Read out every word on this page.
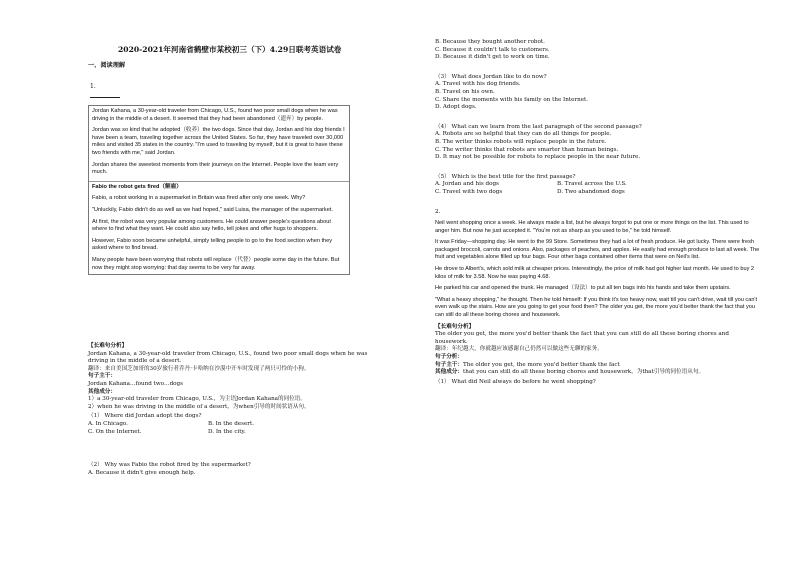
2020-2021年河南省鹤壁市某校初三（下）4.29日联考英语试卷
一、阅读理解
1.

Jordan Kahana, a 30-year-old traveler from Chicago, U.S., found two poor small dogs when he was driving in the middle of a desert. It seemed that they had been abandoned（遗弃）by people.

Jordan was so kind that he adopted（收养）the two dogs. Since that day, Jordan and his dog friends I have been a team, traveling together across the United States. So far, they have traveled over 30,000 miles and visited 35 states in the country. "I'm used to traveling by myself, but it is great to have these two friends with me," said Jordan.

Jordan shares the sweetest moments from their journeys on the Internet. People love the team very much.

Fabio the robot gets fired（解雇）

Fabio, a robot working in a supermarket in Britain was fired after only one week. Why?

"Unluckily, Fabio didn't do as well as we had hoped," said Luisa, the manager of the supermarket.

At first, the robot was very popular among customers. He could answer people's questions about where to find what they want. He could also say hello, tell jokes and offer hugs to shoppers.

However, Fabio soon became unhelpful, simply telling people to go to the food section when they asked where to find bread.

Many people have been worrying that robots will replace（代替）people some day in the future. But now they might stop worrying: that day seems to be very far away.

【长难句分析】

Jordan Kahana, a 30-year-old traveler from Chicago, U.S., found two poor small dogs when he was driving in the middle of a desert.

翻译：来自美国芝加哥的30岁旅行者乔丹·卡哈纳在沙漠中开车时发现了两只可怜的小狗。

句子主干：

Jordan Kahana…found two…dogs

其他成分：

1）a 30-year-old traveler from Chicago, U.S.，为主语Jordan Kahana的同位语。

2）when he was driving in the middle of a desert，为when引导的时间状语从句。

（1） Where did Jordan adopt the dogs?

A. In Chicago.	B. In the desert.
C. On the Internet.	D. In the city.

（2） Why was Fabio the robot fired by the supermarket?

A. Because it didn't give enough help.

B. Because they bought another robot.

C. Because it couldn't talk to customers.

D. Because it didn't get to work on time.

（3） What does Jordan like to do now?

A. Travel with his dog friends.

B. Travel on his own.

C. Share the moments with his family on the Internet.

D. Adopt dogs.

（4） What can we learn from the last paragraph of the second passage?

A. Robots are so helpful that they can do all things for people.

B. The writer thinks robots will replace people in the future.

C. The writer thinks that robots are smarter than human beings.

D. It may not be possible for robots to replace people in the near future.

（5） Which is the best title for the first passage?

A. Jordan and his dogs	B. Travel across the U.S.
C. Travel with two dogs	D. Two abandoned dogs

2.

Neil went shopping once a week. He always made a list, but he always forgot to put one or more things on the list. This used to anger him. But now he just accepted it. "You're not as sharp as you used to be," he told himself.

It was Friday—shopping day. He went to the 99 Store. Sometimes they had a lot of fresh produce. He got lucky. There were fresh packaged broccoli, carrots and onions. Also, packages of peaches, and apples. He easily had enough produce to last all week. The fruit and vegetables alone filled up four bags. Four other bags contained other items that were on Neil's list.

He drove to Albert's, which sold milk at cheaper prices. Interestingly, the price of milk had got higher last month. He used to buy 2 kilos of milk for 3.58. Now he was paying 4.68.

He parked his car and opened the trunk. He managed（设法）to put all ten bags into his hands and take them upstairs.

"What a heavy shopping," he thought. Then he told himself: If you think it's too heavy now, wait till you can't drive, wait till you can't even walk up the stairs. How are you going to get your food then? The older you get, the more you'd better thank the fact that you can still do all these boring chores and housework.

【长难句分析】

The older you get, the more you'd better thank the fact that you can still do all these boring chores and housework.

翻译：年纪越大，你就越应该感谢自己仍然可以做这些无聊的家务。

句子分析：

句子主干：The older you get, the more you'd better thank the fact

其他成分：that you can still do all these boring chores and housework，为that引导的同位语从句。

（1） What did Neil always do before he went shopping?
